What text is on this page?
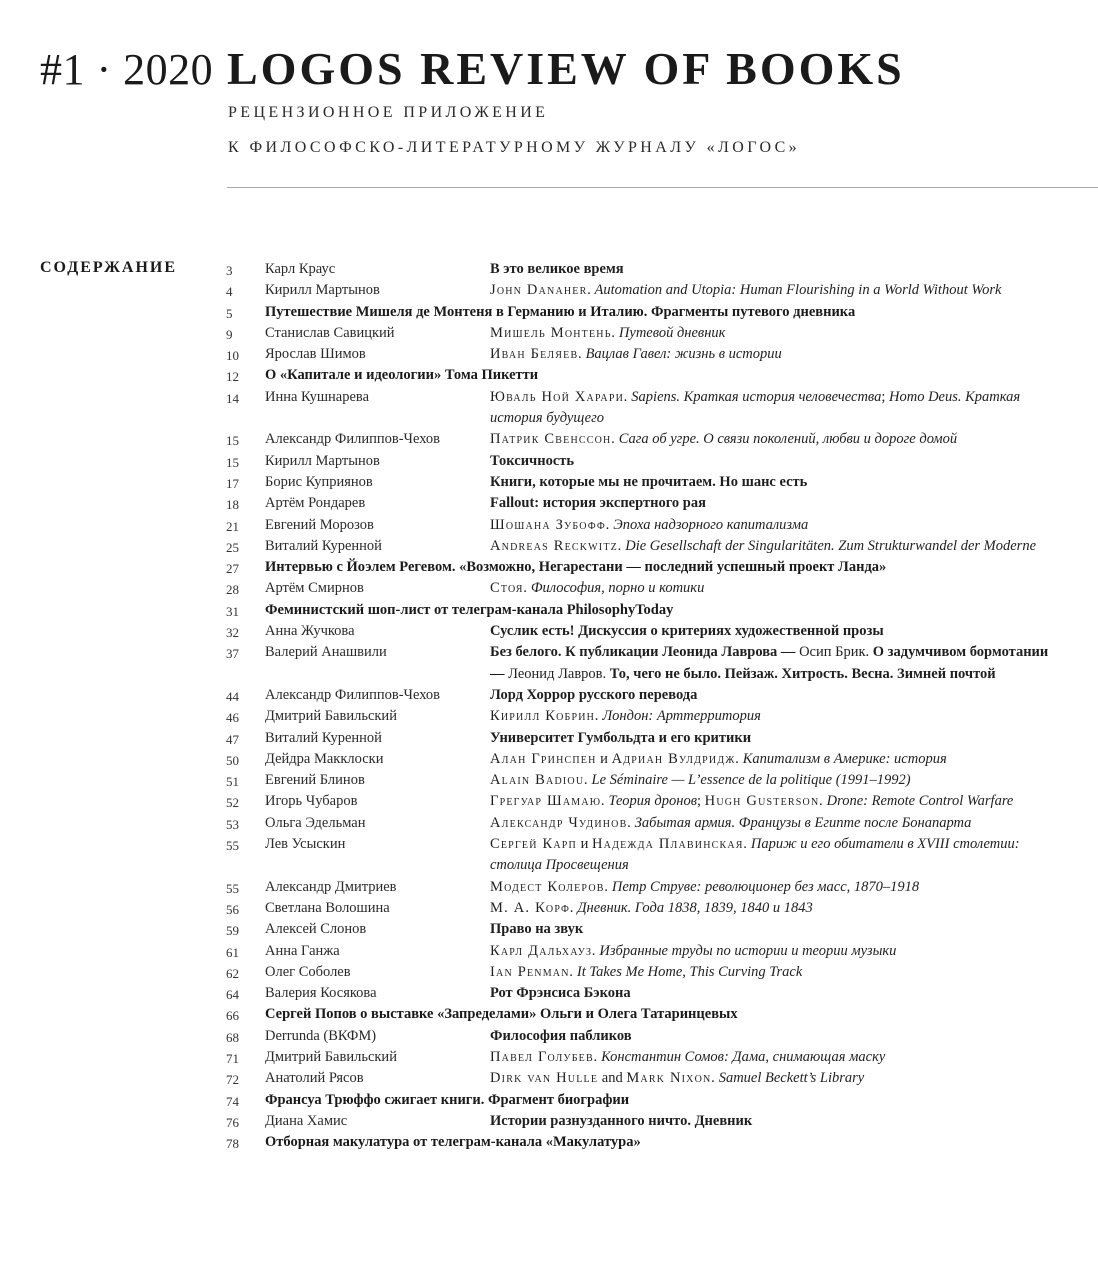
#1 · 2020 LOGOS REVIEW OF BOOKS
РЕЦЕНЗИОННОЕ ПРИЛОЖЕНИЕ
К ФИЛОСОФСКО-ЛИТЕРАТУРНОМУ ЖУРНАЛУ «ЛОГОС»
СОДЕРЖАНИЕ	3 Карл Краус	В это великое время
4 Кирилл Мартынов	John Danaher. Automation and Utopia: Human Flourishing in a World Without Work
5 Путешествие Мишеля де Монтеня в Германию и Италию. Фрагменты путевого дневника
9 Станислав Савицкий	Мишель Монтень. Путевой дневник
10 Ярослав Шимов	Иван Беляев. Вацлав Гавел: жизнь в истории
12 О «Капитале и идеологии» Тома Пикетти
14 Инна Кушнарева	Юваль Ной Харари. Sapiens. Краткая история человечества; Homo Deus. Краткая история будущего
15 Александр Филиппов-Чехов	Патрик Свенссон. Сага об угре. О связи поколений, любви и дороге домой
15 Кирилл Мартынов	Токсичность
17 Борис Куприянов	Книги, которые мы не прочитаем. Но шанс есть
18 Артём Рондарев	Fallout: история экспертного рая
21 Евгений Морозов	Шошана Зубофф. Эпоха надзорного капитализма
25 Виталий Куренной	Andreas Reckwitz. Die Gesellschaft der Singularitäten. Zum Strukturwandel der Moderne
27 Интервью с Йоэлем Регевом. «Возможно, Негарестани — последний успешный проект Ланда»
28 Артём Смирнов	Стоя. Философия, порно и котики
31 Феминистский шоп-лист от телеграм-канала PhilosophyToday
32 Анна Жучкова	Суслик есть! Дискуссия о критериях художественной прозы
37 Валерий Анашвили	Без белого. К публикации Леонида Лаврова — Осип Брик. О задумчивом бормотании — Леонид Лавров. То, чего не было. Пейзаж. Хитрость. Весна. Зимней почтой
44 Александр Филиппов-Чехов	Лорд Хоррор русского перевода
46 Дмитрий Бавильский	Кирилл Кобрин. Лондон: Арттерритория
47 Виталий Куренной	Университет Гумбольдта и его критики
50 Дейдра Макклоски	Алан Гринспен и Адриан Вулдридж. Капитализм в Америке: история
51 Евгений Блинов	Alain Badiou. Le Séminaire — L’essence de la politique (1991–1992)
52 Игорь Чубаров	Грегуар Шамаю. Теория дронов; Hugh Gusterson. Drone: Remote Control Warfare
53 Ольга Эдельман	Александр Чудинов. Забытая армия. Французы в Египте после Бонапарта
55 Лев Усыскин	Сергей Карп и Надежда Плавинская. Париж и его обитатели в XVIII столетии: столица Просвещения
55 Александр Дмитриев	Модест Колеров. Петр Струве: революционер без масс, 1870–1918
56 Светлана Волошина	М. А. Корф. Дневник. Года 1838, 1839, 1840 и 1843
59 Алексей Слонов	Право на звук
61 Анна Ганжа	Карл Дальхауз. Избранные труды по истории и теории музыки
62 Олег Соболев	Ian Penman. It Takes Me Home, This Curving Track
64 Валерия Косякова	Рот Фрэнсиса Бэкона
66 Сергей Попов о выставке «Запределами» Ольги и Олега Татаринцевых
68 Derrunda (ВКФМ)	Философия пабликов
71 Дмитрий Бавильский	Павел Голубев. Константин Сомов: Дама, снимающая маску
72 Анатолий Рясов	Dirk van Hulle and Mark Nixon. Samuel Beckett’s Library
74 Франсуа Трюффо сжигает книги. Фрагмент биографии
76 Диана Хамис	Истории разнузданного ничто. Дневник
78 Отборная макулатура от телеграм-канала «Макулатура»
